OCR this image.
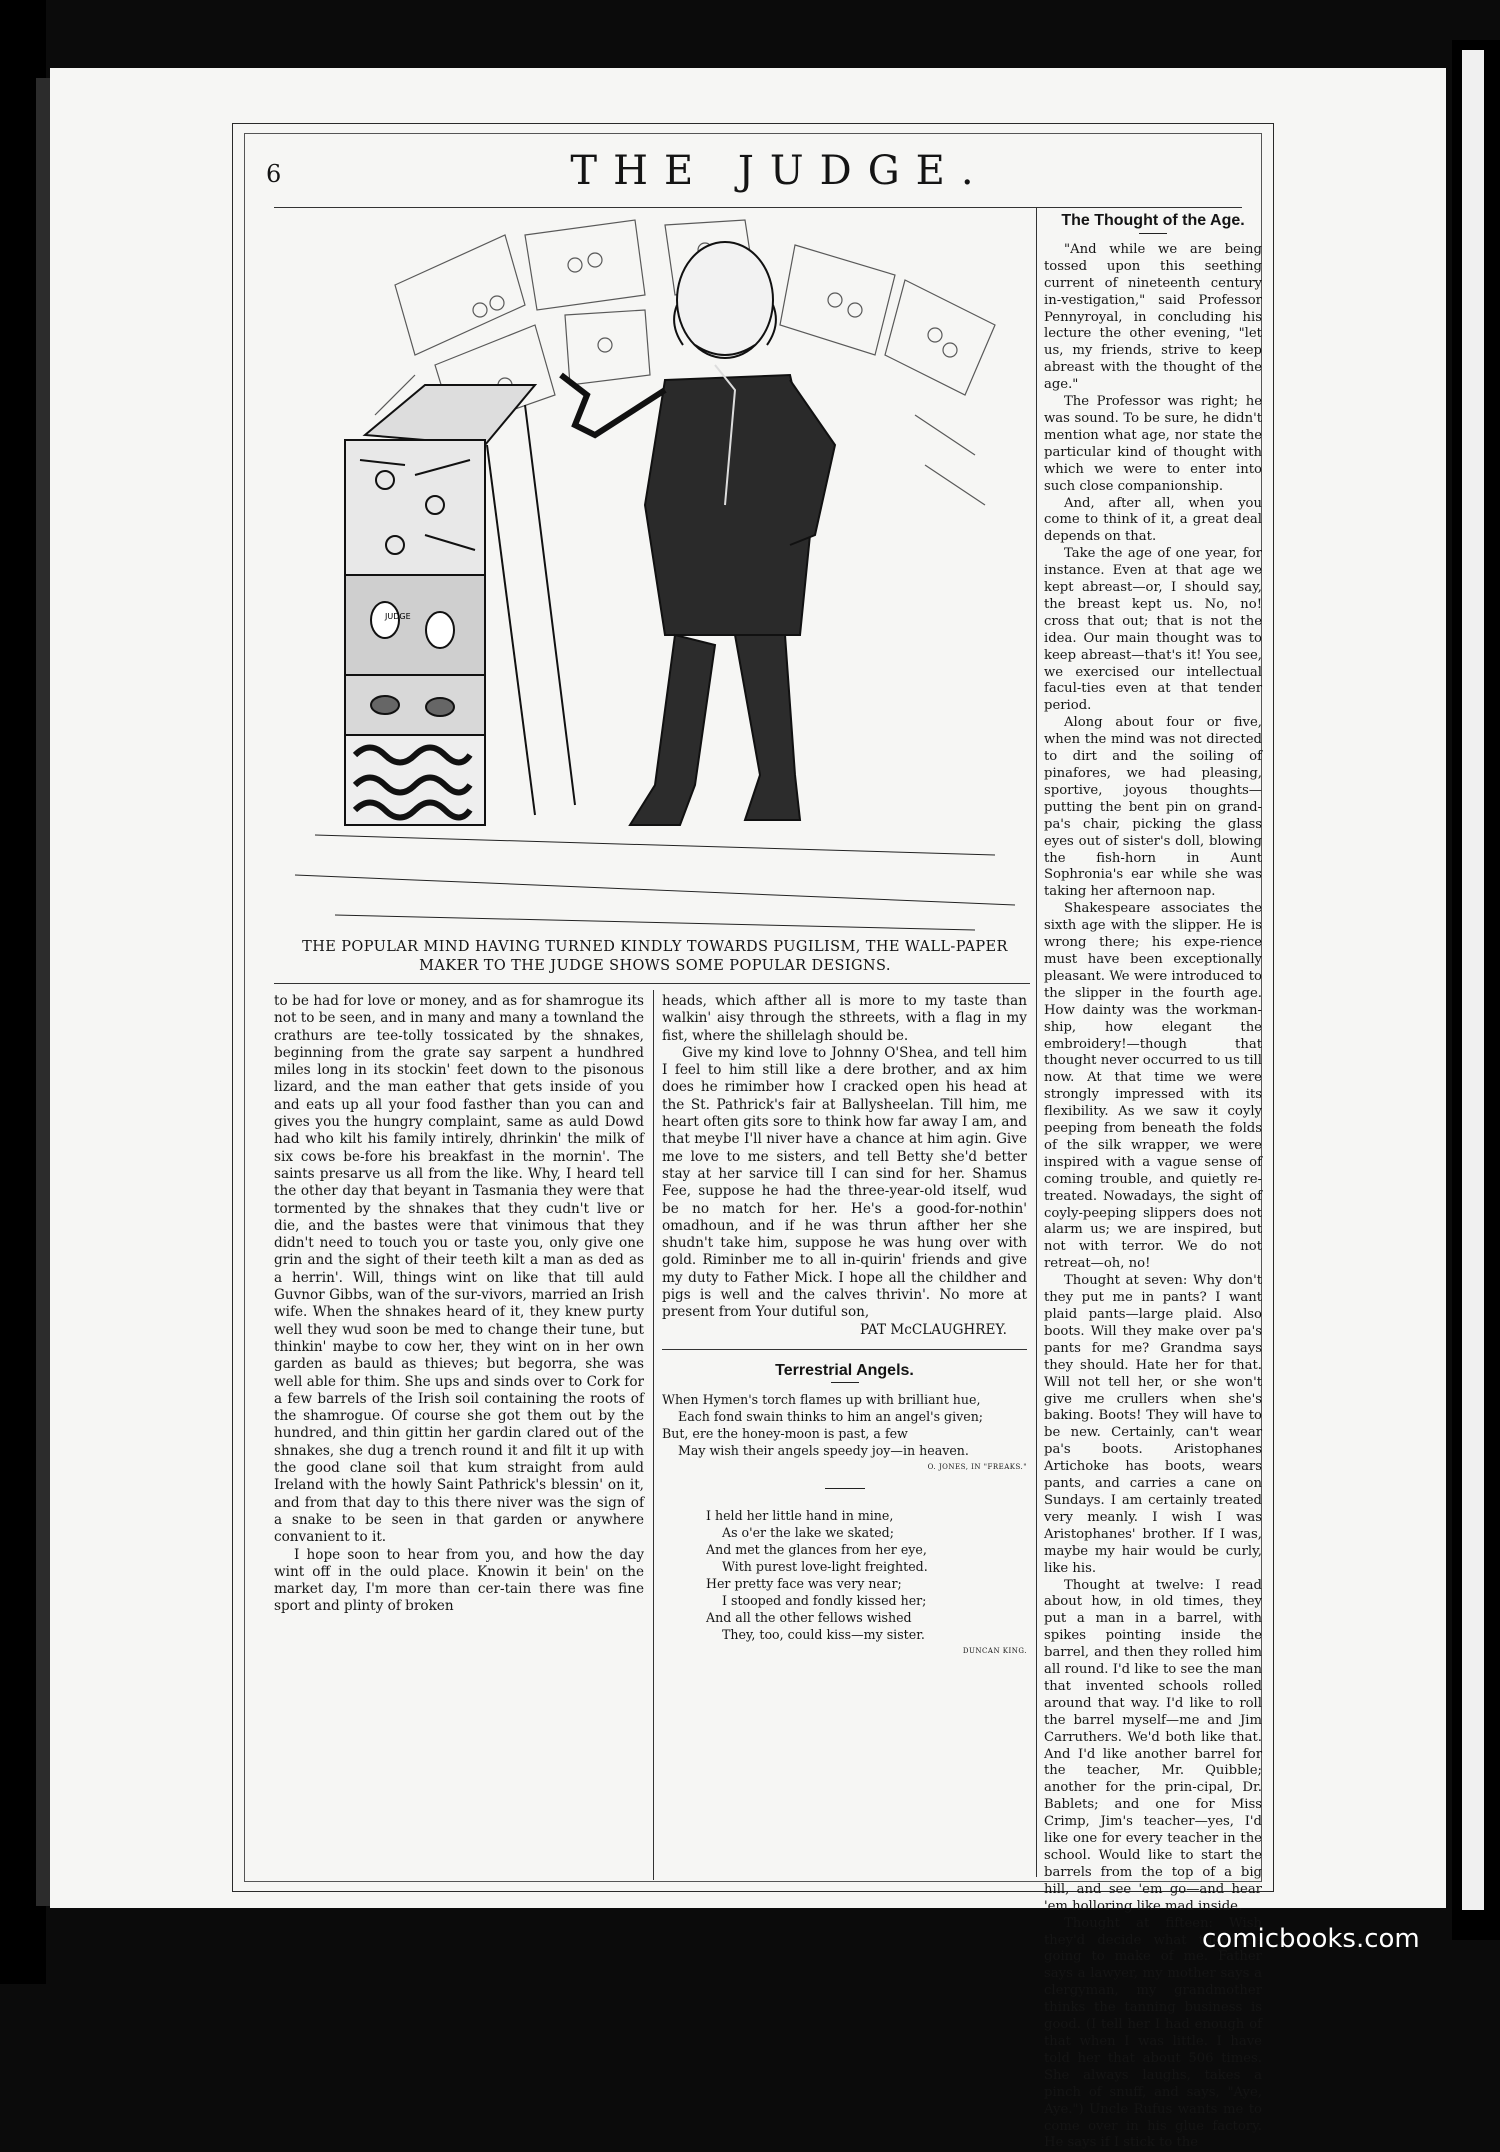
6	THE JUDGE.
JUDGE
THE POPULAR MIND HAVING TURNED KINDLY TOWARDS PUGILISM, THE WALL-PAPER MAKER TO THE JUDGE SHOWS SOME POPULAR DESIGNS.

to be had for love or money, and as for shamrogue its not to be seen, and in many and many a townland the crathurs are tee-tolly tossicated by the shnakes, beginning from the grate say sarpent a hundhred miles long in its stockin' feet down to the pisonous lizard, and the man eather that gets inside of you and eats up all your food fasther than you can and gives you the hungry complaint, same as auld Dowd had who kilt his family intirely, dhrinkin' the milk of six cows be-fore his breakfast in the mornin'. The saints presarve us all from the like. Why, I heard tell the other day that beyant in Tasmania they were that tormented by the shnakes that they cudn't live or die, and the bastes were that vinimous that they didn't need to touch you or taste you, only give one grin and the sight of their teeth kilt a man as ded as a herrin'. Will, things wint on like that till auld Guvnor Gibbs, wan of the sur-vivors, married an Irish wife. When the shnakes heard of it, they knew purty well they wud soon be med to change their tune, but thinkin' maybe to cow her, they wint on in her own garden as bauld as thieves; but begorra, she was well able for thim. She ups and sinds over to Cork for a few barrels of the Irish soil containing the roots of the shamrogue. Of course she got them out by the hundred, and thin gittin her gardin clared out of the shnakes, she dug a trench round it and filt it up with the good clane soil that kum straight from auld Ireland with the howly Saint Pathrick's blessin' on it, and from that day to this there niver was the sign of a snake to be seen in that garden or anywhere convanient to it.

I hope soon to hear from you, and how the day wint off in the ould place. Knowin it bein' on the market day, I'm more than cer-tain there was fine sport and plinty of broken

heads, which afther all is more to my taste than walkin' aisy through the sthreets, with a flag in my fist, where the shillelagh should be.

Give my kind love to Johnny O'Shea, and tell him I feel to him still like a dere brother, and ax him does he rimimber how I cracked open his head at the St. Pathrick's fair at Ballysheelan. Till him, me heart often gits sore to think how far away I am, and that meybe I'll niver have a chance at him agin. Give me love to me sisters, and tell Betty she'd better stay at her sarvice till I can sind for her. Shamus Fee, suppose he had the three-year-old itself, wud be no match for her. He's a good-for-nothin' omadhoun, and if he was thrun afther her she shudn't take him, suppose he was hung over with gold. Riminber me to all in-quirin' friends and give my duty to Father Mick. I hope all the childher and pigs is well and the calves thrivin'. No more at present from Your dutiful son,

PAT McCLAUGHREY.

Terrestrial Angels.

When Hymen's torch flames up with brilliant hue,

Each fond swain thinks to him an angel's given;

But, ere the honey-moon is past, a few

May wish their angels speedy joy—in heaven.

O. JONES, IN "FREAKS."

I held her little hand in mine,

As o'er the lake we skated;

And met the glances from her eye,

With purest love-light freighted.

Her pretty face was very near;

I stooped and fondly kissed her;

And all the other fellows wished

They, too, could kiss—my sister.

DUNCAN KING.

The Thought of the Age.

"And while we are being tossed upon this seething current of nineteenth century in-vestigation," said Professor Pennyroyal, in concluding his lecture the other evening, "let us, my friends, strive to keep abreast with the thought of the age."

The Professor was right; he was sound. To be sure, he didn't mention what age, nor state the particular kind of thought with which we were to enter into such close companionship.

And, after all, when you come to think of it, a great deal depends on that.

Take the age of one year, for instance. Even at that age we kept abreast—or, I should say, the breast kept us. No, no! cross that out; that is not the idea. Our main thought was to keep abreast—that's it! You see, we exercised our intellectual facul-ties even at that tender period.

Along about four or five, when the mind was not directed to dirt and the soiling of pinafores, we had pleasing, sportive, joyous thoughts—putting the bent pin on grand-pa's chair, picking the glass eyes out of sister's doll, blowing the fish-horn in Aunt Sophronia's ear while she was taking her afternoon nap.

Shakespeare associates the sixth age with the slipper. He is wrong there; his expe-rience must have been exceptionally pleasant. We were introduced to the slipper in the fourth age. How dainty was the workman-ship, how elegant the embroidery!—though that thought never occurred to us till now. At that time we were strongly impressed with its flexibility. As we saw it coyly peeping from beneath the folds of the silk wrapper, we were inspired with a vague sense of coming trouble, and quietly re-treated. Nowadays, the sight of coyly-peeping slippers does not alarm us; we are inspired, but not with terror. We do not retreat—oh, no!

Thought at seven: Why don't they put me in pants? I want plaid pants—large plaid. Also boots. Will they make over pa's pants for me? Grandma says they should. Hate her for that. Will not tell her, or she won't give me crullers when she's baking. Boots! They will have to be new. Certainly, can't wear pa's boots. Aristophanes Artichoke has boots, wears pants, and carries a cane on Sundays. I am certainly treated very meanly. I wish I was Aristophanes' brother. If I was, maybe my hair would be curly, like his.

Thought at twelve: I read about how, in old times, they put a man in a barrel, with spikes pointing inside the barrel, and then they rolled him all round. I'd like to see the man that invented schools rolled around that way. I'd like to roll the barrel myself—me and Jim Carruthers. We'd both like that. And I'd like another barrel for the teacher, Mr. Quibble; another for the prin-cipal, Dr. Bablets; and one for Miss Crimp, Jim's teacher—yes, I'd like one for every teacher in the school. Would like to start the barrels from the top of a big hill, and see 'em go—and hear 'em holloring like mad inside.

Thought at fifteen: Wish they'd decide what they are going to make of me. Father says a lawyer, my mother says a clergyman, my grandmother thinks the tanning business is good. (I tell her I had enough of that when I was little. I have told her that about 506 times. She always laughs, takes a pinch of snuff, and says, "Aye, Aye.") Uncle Rufus wants me to come over in his glue factory. He says if I stick to the

comicbooks.com
